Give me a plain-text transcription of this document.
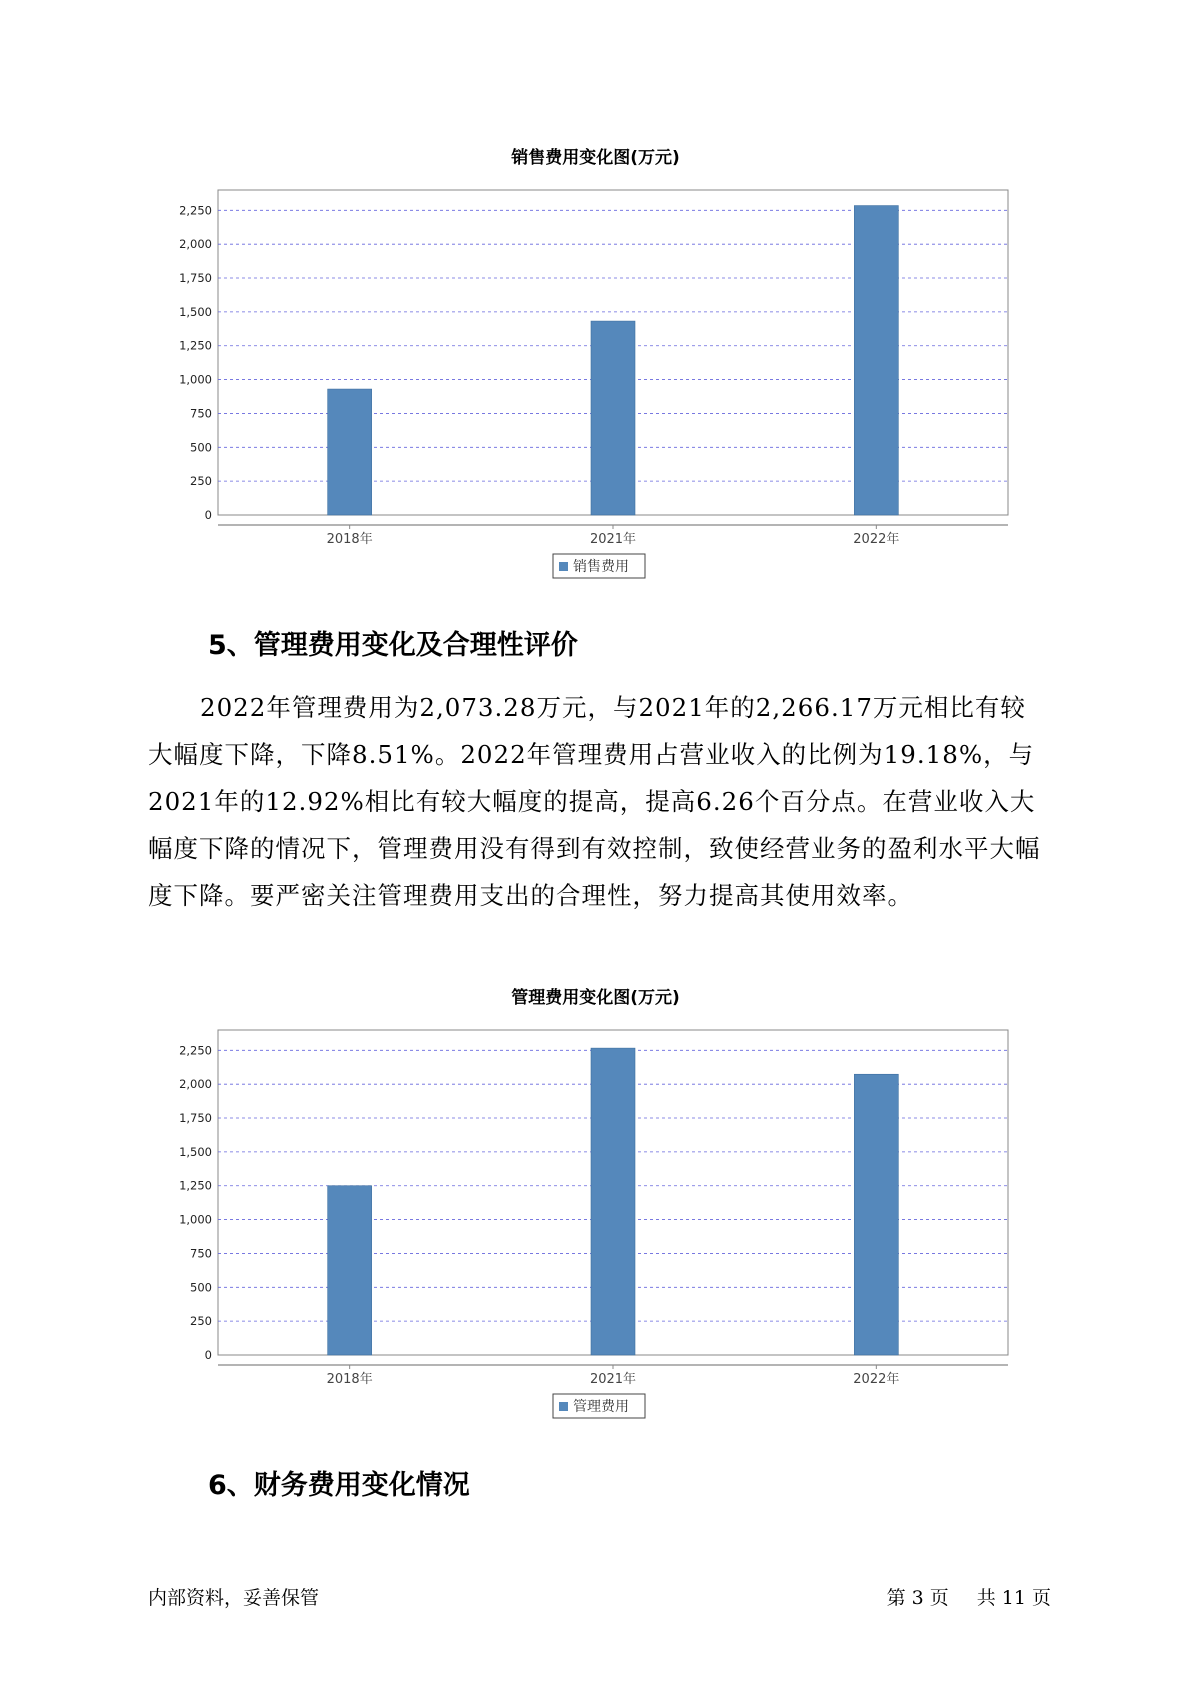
销售费用变化图(万元)
0
250
500
750
1,000
1,250
1,500
1,750
2,000
2,250
2018年	2021年	2022年
销售费用
5、管理费用变化及合理性评价

2022年管理费用为2,073.28万元，与2021年的2,266.17万元相比有较大幅度下降，下降8.51%。2022年管理费用占营业收入的比例为19.18%，与2021年的12.92%相比有较大幅度的提高，提高6.26个百分点。在营业收入大幅度下降的情况下，管理费用没有得到有效控制，致使经营业务的盈利水平大幅度下降。要严密关注管理费用支出的合理性，努力提高其使用效率。

管理费用变化图(万元)
0
250
500
750
1,000
1,250
1,500
1,750
2,000
2,250
2018年	2021年	2022年
管理费用
6、财务费用变化情况
内部资料，妥善保管	第 3 页 共 11 页
